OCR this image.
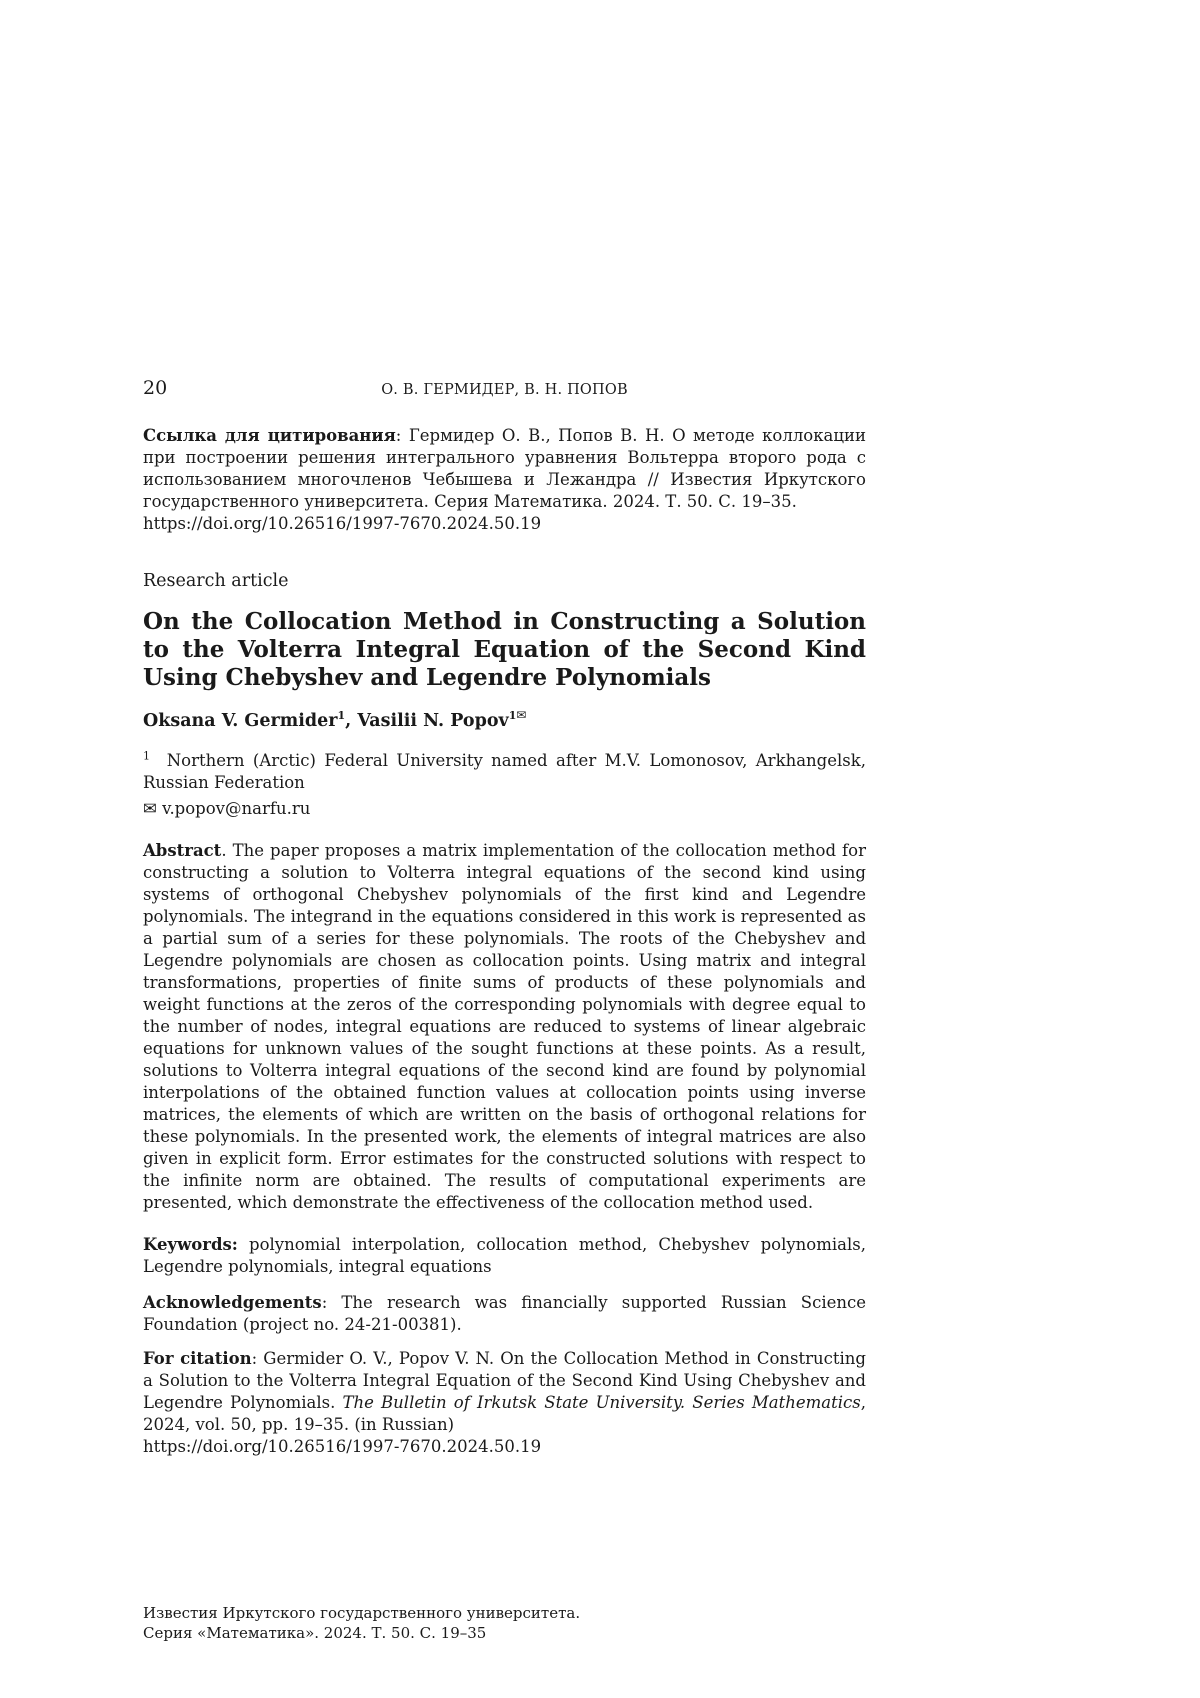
20	О. В. ГЕРМИДЕР, В. Н. ПОПОВ
Ссылка для цитирования: Гермидер О. В., Попов В. Н. О методе коллокации при построении решения интегрального уравнения Вольтерра второго рода с использованием многочленов Чебышева и Лежандра // Известия Иркутского государственного университета. Серия Математика. 2024. Т. 50. С. 19–35.
https://doi.org/10.26516/1997-7670.2024.50.19
Research article
On the Collocation Method in Constructing a Solution to the Volterra Integral Equation of the Second Kind Using Chebyshev and Legendre Polynomials
Oksana V. Germider$^1$, Vasilii N. Popov$^{1✉}$
$^1$ Northern (Arctic) Federal University named after M.V. Lomonosov, Arkhangelsk, Russian Federation
✉ v.popov@narfu.ru
Abstract. The paper proposes a matrix implementation of the collocation method for constructing a solution to Volterra integral equations of the second kind using systems of orthogonal Chebyshev polynomials of the first kind and Legendre polynomials. The integrand in the equations considered in this work is represented as a partial sum of a series for these polynomials. The roots of the Chebyshev and Legendre polynomials are chosen as collocation points. Using matrix and integral transformations, properties of finite sums of products of these polynomials and weight functions at the zeros of the corresponding polynomials with degree equal to the number of nodes, integral equations are reduced to systems of linear algebraic equations for unknown values of the sought functions at these points. As a result, solutions to Volterra integral equations of the second kind are found by polynomial interpolations of the obtained function values at collocation points using inverse matrices, the elements of which are written on the basis of orthogonal relations for these polynomials. In the presented work, the elements of integral matrices are also given in explicit form. Error estimates for the constructed solutions with respect to the infinite norm are obtained. The results of computational experiments are presented, which demonstrate the effectiveness of the collocation method used.
Keywords: polynomial interpolation, collocation method, Chebyshev polynomials, Legendre polynomials, integral equations
Acknowledgements: The research was financially supported Russian Science Foundation (project no. 24-21-00381).
For citation: Germider O. V., Popov V. N. On the Collocation Method in Constructing a Solution to the Volterra Integral Equation of the Second Kind Using Chebyshev and Legendre Polynomials. The Bulletin of Irkutsk State University. Series Mathematics, 2024, vol. 50, pp. 19–35. (in Russian)
https://doi.org/10.26516/1997-7670.2024.50.19
Известия Иркутского государственного университета.
Серия «Математика». 2024. Т. 50. С. 19–35
